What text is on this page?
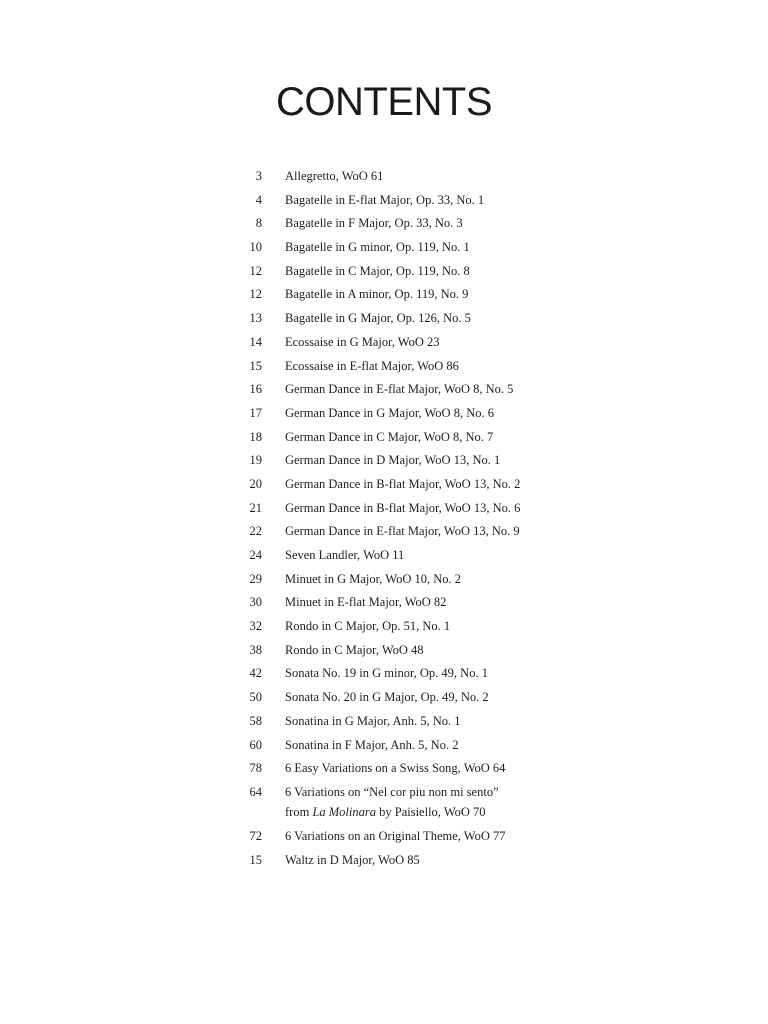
CONTENTS
3 Allegretto, WoO 61
4 Bagatelle in E-flat Major, Op. 33, No. 1
8 Bagatelle in F Major, Op. 33, No. 3
10 Bagatelle in G minor, Op. 119, No. 1
12 Bagatelle in C Major, Op. 119, No. 8
12 Bagatelle in A minor, Op. 119, No. 9
13 Bagatelle in G Major, Op. 126, No. 5
14 Ecossaise in G Major, WoO 23
15 Ecossaise in E-flat Major, WoO 86
16 German Dance in E-flat Major, WoO 8, No. 5
17 German Dance in G Major, WoO 8, No. 6
18 German Dance in C Major, WoO 8, No. 7
19 German Dance in D Major, WoO 13, No. 1
20 German Dance in B-flat Major, WoO 13, No. 2
21 German Dance in B-flat Major, WoO 13, No. 6
22 German Dance in E-flat Major, WoO 13, No. 9
24 Seven Landler, WoO 11
29 Minuet in G Major, WoO 10, No. 2
30 Minuet in E-flat Major, WoO 82
32 Rondo in C Major, Op. 51, No. 1
38 Rondo in C Major, WoO 48
42 Sonata No. 19 in G minor, Op. 49, No. 1
50 Sonata No. 20 in G Major, Op. 49, No. 2
58 Sonatina in G Major, Anh. 5, No. 1
60 Sonatina in F Major, Anh. 5, No. 2
78 6 Easy Variations on a Swiss Song, WoO 64
64 6 Variations on “Nel cor piu non mi sento”
from La Molinara by Paisiello, WoO 70
72 6 Variations on an Original Theme, WoO 77
15 Waltz in D Major, WoO 85
